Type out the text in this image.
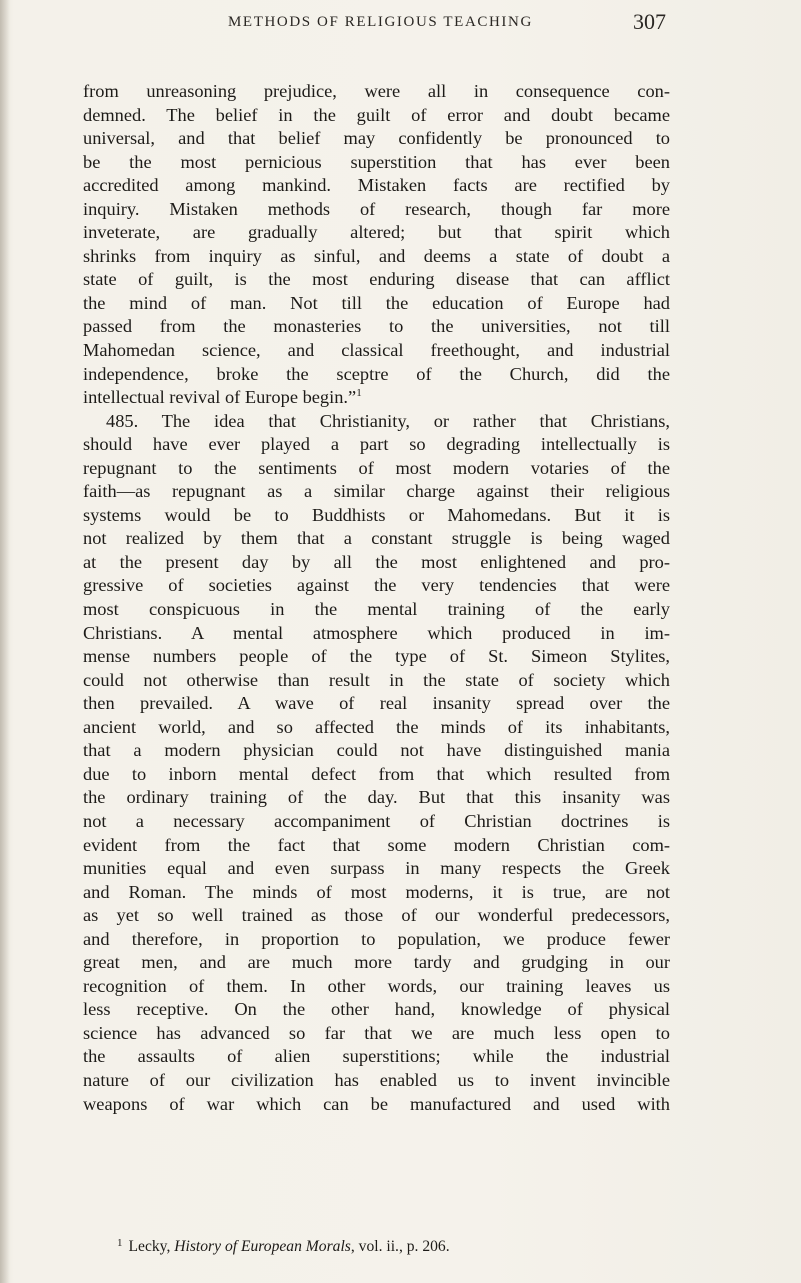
METHODS OF RELIGIOUS TEACHING	307
from unreasoning prejudice, were all in consequence con-
demned. The belief in the guilt of error and doubt became
universal, and that belief may confidently be pronounced to
be the most pernicious superstition that has ever been
accredited among mankind. Mistaken facts are rectified by
inquiry. Mistaken methods of research, though far more
inveterate, are gradually altered; but that spirit which
shrinks from inquiry as sinful, and deems a state of doubt a
state of guilt, is the most enduring disease that can afflict
the mind of man. Not till the education of Europe had
passed from the monasteries to the universities, not till
Mahomedan science, and classical freethought, and industrial
independence, broke the sceptre of the Church, did the
intellectual revival of Europe begin.”$^1$
485. The idea that Christianity, or rather that Christians,
should have ever played a part so degrading intellectually is
repugnant to the sentiments of most modern votaries of the
faith—as repugnant as a similar charge against their religious
systems would be to Buddhists or Mahomedans. But it is
not realized by them that a constant struggle is being waged
at the present day by all the most enlightened and pro-
gressive of societies against the very tendencies that were
most conspicuous in the mental training of the early
Christians. A mental atmosphere which produced in im-
mense numbers people of the type of St. Simeon Stylites,
could not otherwise than result in the state of society which
then prevailed. A wave of real insanity spread over the
ancient world, and so affected the minds of its inhabitants,
that a modern physician could not have distinguished mania
due to inborn mental defect from that which resulted from
the ordinary training of the day. But that this insanity was
not a necessary accompaniment of Christian doctrines is
evident from the fact that some modern Christian com-
munities equal and even surpass in many respects the Greek
and Roman. The minds of most moderns, it is true, are not
as yet so well trained as those of our wonderful predecessors,
and therefore, in proportion to population, we produce fewer
great men, and are much more tardy and grudging in our
recognition of them. In other words, our training leaves us
less receptive. On the other hand, knowledge of physical
science has advanced so far that we are much less open to
the assaults of alien superstitions; while the industrial
nature of our civilization has enabled us to invent invincible
weapons of war which can be manufactured and used with
$^1$ Lecky, History of European Morals, vol. ii., p. 206.
